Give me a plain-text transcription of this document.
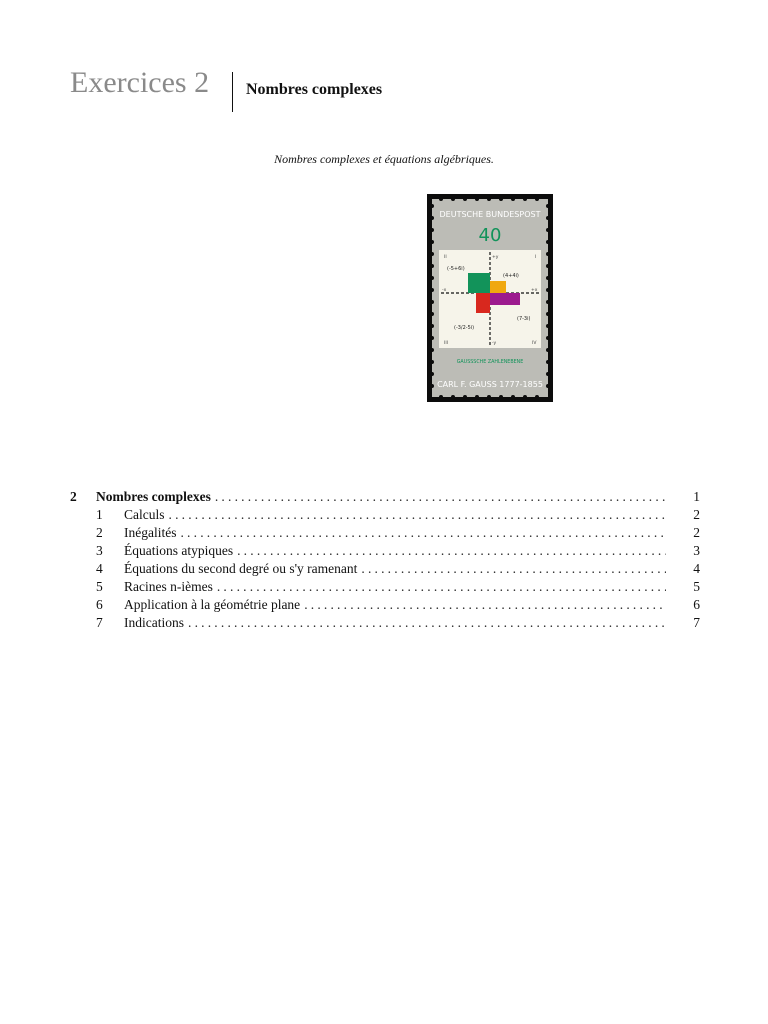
Exercices 2 Nombres complexes
Nombres complexes et équations algébriques.
DEUTSCHE BUNDESPOST
40
II	I
III	IV
+y
-x	+x
-y
(-5+6i)
(4+4i)
(7-3i)
(-3/2-5i)
GAUSSSCHE ZAHLENEBENE
CARL F. GAUSS 1777-1855
2	Nombres complexes .....	1
1	Calculs .....	2
2	Inégalités .....	2
3	Équations atypiques .....	3
4	Équations du second degré ou s'y ramenant .....	4
5	Racines n-ièmes .....	5
6	Application à la géométrie plane .....	6
7	Indications .....	7
